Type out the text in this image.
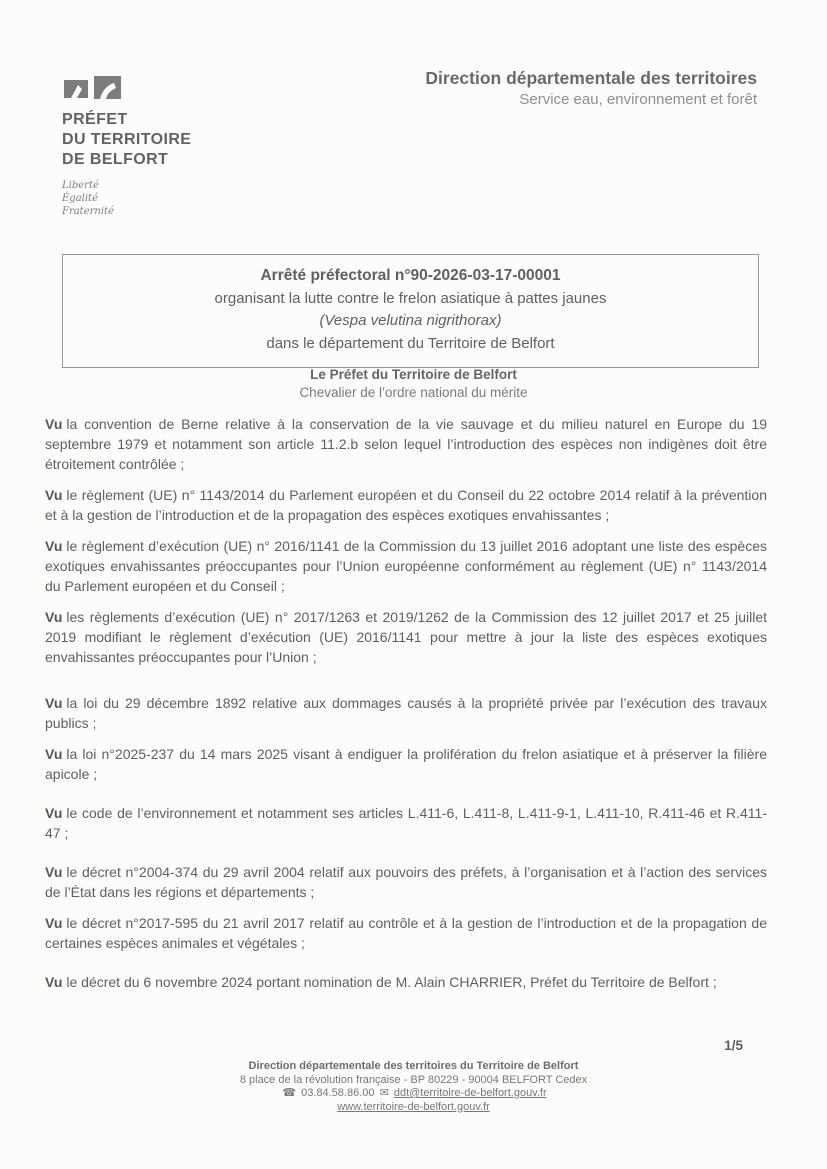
PRÉFET
DU TERRITOIRE
DE BELFORT
Liberté
Égalité
Fraternité
Direction départementale des territoires
Service eau, environnement et forêt
Arrêté préfectoral n°90-2026-03-17-00001
organisant la lutte contre le frelon asiatique à pattes jaunes
(Vespa velutina nigrithorax)
dans le département du Territoire de Belfort
Le Préfet du Territoire de Belfort
Chevalier de l’ordre national du mérite

Vu la convention de Berne relative à la conservation de la vie sauvage et du milieu naturel en Europe du 19 septembre 1979 et notamment son article 11.2.b selon lequel l’introduction des espèces non indigènes doit être étroitement contrôlée ;

Vu le règlement (UE) n° 1143/2014 du Parlement européen et du Conseil du 22 octobre 2014 relatif à la prévention et à la gestion de l’introduction et de la propagation des espèces exotiques envahissantes ;

Vu le règlement d’exécution (UE) n° 2016/1141 de la Commission du 13 juillet 2016 adoptant une liste des espèces exotiques envahissantes préoccupantes pour l’Union européenne conformément au règlement (UE) n° 1143/2014 du Parlement européen et du Conseil ;

Vu les règlements d’exécution (UE) n° 2017/1263 et 2019/1262 de la Commission des 12 juillet 2017 et 25 juillet 2019 modifiant le règlement d’exécution (UE) 2016/1141 pour mettre à jour la liste des espèces exotiques envahissantes préoccupantes pour l’Union ;

Vu la loi du 29 décembre 1892 relative aux dommages causés à la propriété privée par l’exécution des travaux publics ;

Vu la loi n°2025-237 du 14 mars 2025 visant à endiguer la prolifération du frelon asiatique et à préserver la filière apicole ;

Vu le code de l’environnement et notamment ses articles L.411-6, L.411-8, L.411-9-1, L.411-10, R.411-46 et R.411-47 ;

Vu le décret n°2004-374 du 29 avril 2004 relatif aux pouvoirs des préfets, à l’organisation et à l’action des services de l’État dans les régions et départements ;

Vu le décret n°2017-595 du 21 avril 2017 relatif au contrôle et à la gestion de l’introduction et de la propagation de certaines espèces animales et végétales ;

Vu le décret du 6 novembre 2024 portant nomination de M. Alain CHARRIER, Préfet du Territoire de Belfort ;

1/5
Direction départementale des territoires du Territoire de Belfort
8 place de la révolution française - BP 80229 - 90004 BELFORT Cedex
☎ 03.84.58.86.00 ✉ ddt@territoire-de-belfort.gouv.fr
www.territoire-de-belfort.gouv.fr
